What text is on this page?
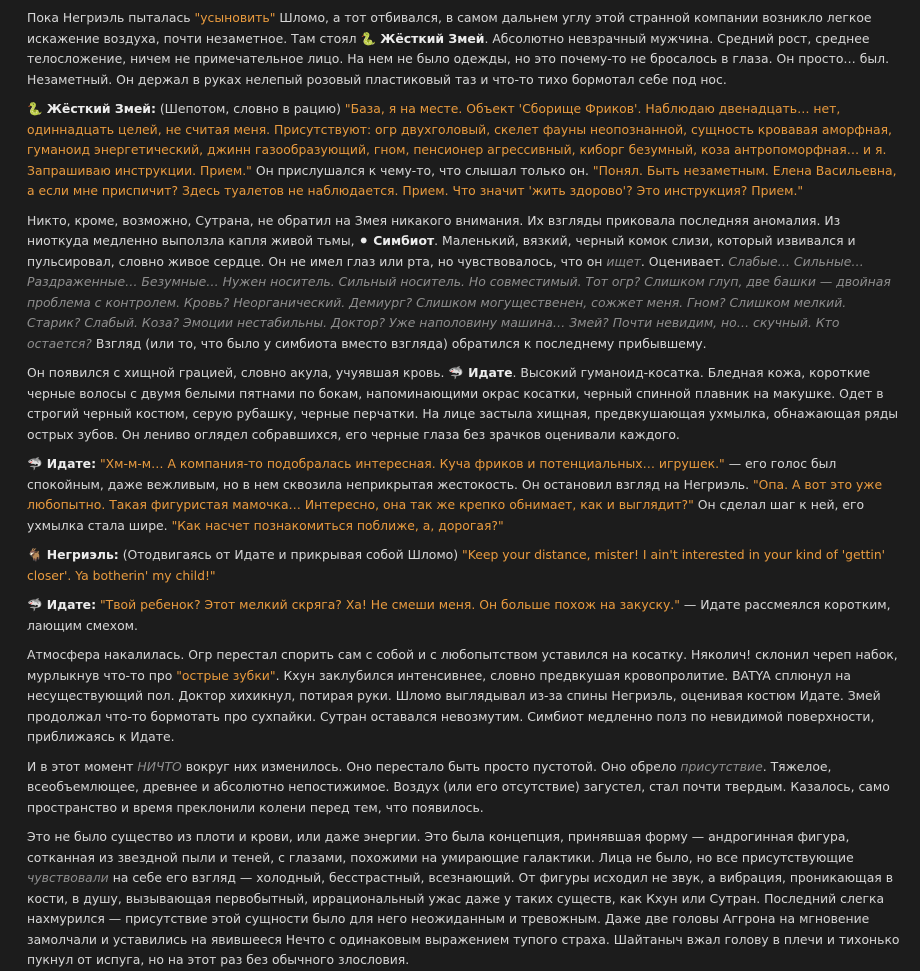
Пока Негриэль пыталась "усыновить" Шломо, а тот отбивался, в самом дальнем углу этой странной компании возникло легкое искажение воздуха, почти незаметное. Там стоял 🐍 Жёсткий Змей. Абсолютно невзрачный мужчина. Средний рост, среднее телосложение, ничем не примечательное лицо. На нем не было одежды, но это почему-то не бросалось в глаза. Он просто… был. Незаметный. Он держал в руках нелепый розовый пластиковый таз и что-то тихо бормотал себе под нос.

🐍 Жёсткий Змей: (Шепотом, словно в рацию) "База, я на месте. Объект 'Сборище Фриков'. Наблюдаю двенадцать… нет, одиннадцать целей, не считая меня. Присутствуют: огр двухголовый, скелет фауны неопознанной, сущность кровавая аморфная, гуманоид энергетический, джинн газообразующий, гном, пенсионер агрессивный, киборг безумный, коза антропоморфная… и я. Запрашиваю инструкции. Прием." Он прислушался к чему-то, что слышал только он. "Понял. Быть незаметным. Елена Васильевна, а если мне приспичит? Здесь туалетов не наблюдается. Прием. Что значит 'жить здорово'? Это инструкция? Прием."

Никто, кроме, возможно, Сутрана, не обратил на Змея никакого внимания. Их взгляды приковала последняя аномалия. Из ниоткуда медленно выползла капля живой тьмы, ⚫ Симбиот. Маленький, вязкий, черный комок слизи, который извивался и пульсировал, словно живое сердце. Он не имел глаз или рта, но чувствовалось, что он ищет. Оценивает. Слабые… Сильные… Раздраженные… Безумные… Нужен носитель. Сильный носитель. Но совместимый. Тот огр? Слишком глуп, две башки — двойная проблема с контролем. Кровь? Неорганический. Демиург? Слишком могущественен, сожжет меня. Гном? Слишком мелкий. Старик? Слабый. Коза? Эмоции нестабильны. Доктор? Уже наполовину машина… Змей? Почти невидим, но… скучный. Кто остается? Взгляд (или то, что было у симбиота вместо взгляда) обратился к последнему прибывшему.

Он появился с хищной грацией, словно акула, учуявшая кровь. 🦈 Идате. Высокий гуманоид-косатка. Бледная кожа, короткие черные волосы с двумя белыми пятнами по бокам, напоминающими окрас косатки, черный спинной плавник на макушке. Одет в строгий черный костюм, серую рубашку, черные перчатки. На лице застыла хищная, предвкушающая ухмылка, обнажающая ряды острых зубов. Он лениво оглядел собравшихся, его черные глаза без зрачков оценивали каждого.

🦈 Идате: "Хм-м-м… А компания-то подобралась интересная. Куча фриков и потенциальных… игрушек." — его голос был спокойным, даже вежливым, но в нем сквозила неприкрытая жестокость. Он остановил взгляд на Негриэль. "Опа. А вот это уже любопытно. Такая фигуристая мамочка… Интересно, она так же крепко обнимает, как и выглядит?" Он сделал шаг к ней, его ухмылка стала шире. "Как насчет познакомиться поближе, а, дорогая?"

🐐 Негриэль: (Отодвигаясь от Идате и прикрывая собой Шломо) "Keep your distance, mister! I ain't interested in your kind of 'gettin' closer'. Ya botherin' my child!"

🦈 Идате: "Твой ребенок? Этот мелкий скряга? Ха! Не смеши меня. Он больше похож на закуску." — Идате рассмеялся коротким, лающим смехом.

Атмосфера накалилась. Огр перестал спорить сам с собой и с любопытством уставился на косатку. Няколич! склонил череп набок, мурлыкнув что-то про "острые зубки". Кхун заклубился интенсивнее, словно предвкушая кровопролитие. BATYA сплюнул на несуществующий пол. Доктор хихикнул, потирая руки. Шломо выглядывал из-за спины Негриэль, оценивая костюм Идате. Змей продолжал что-то бормотать про сухпайки. Сутран оставался невозмутим. Симбиот медленно полз по невидимой поверхности, приближаясь к Идате.

И в этот момент НИЧТО вокруг них изменилось. Оно перестало быть просто пустотой. Оно обрело присутствие. Тяжелое, всеобъемлющее, древнее и абсолютно непостижимое. Воздух (или его отсутствие) загустел, стал почти твердым. Казалось, само пространство и время преклонили колени перед тем, что появилось.

Это не было существо из плоти и крови, или даже энергии. Это была концепция, принявшая форму — андрогинная фигура, сотканная из звездной пыли и теней, с глазами, похожими на умирающие галактики. Лица не было, но все присутствующие чувствовали на себе его взгляд — холодный, бесстрастный, всезнающий. От фигуры исходил не звук, а вибрация, проникающая в кости, в душу, вызывающая первобытный, иррациональный ужас даже у таких существ, как Кхун или Сутран. Последний слегка нахмурился — присутствие этой сущности было для него неожиданным и тревожным. Даже две головы Аггрона на мгновение замолчали и уставились на явившееся Нечто с одинаковым выражением тупого страха. Шайтаныч вжал голову в плечи и тихонько пукнул от испуга, но на этот раз без обычного злословия.
